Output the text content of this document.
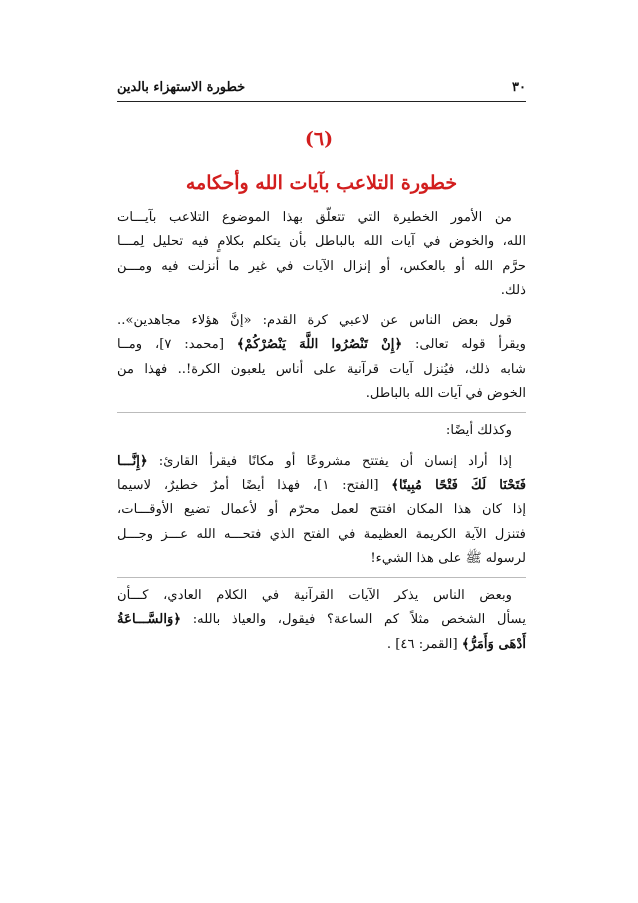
٣٠
خطورة الاستهزاء بالدين
(٦)
خطورة التلاعب بآيات الله وأحكامه
من الأمور الخطيرة التي تتعلّق بهذا الموضوع التلاعب بآيـــات
الله، والخوض في آيات الله بالباطل بأن يتكلم بكلامٍ فيه تحليل لِمـــا
حرَّم الله أو بالعكس، أو إنزال الآيات في غير ما أنزلت فيه ومـــن
ذلك.
قول بعض الناس عن لاعبي كرة القدم: «إنَّ هؤلاء مجاهدين»..
ويقرأ قوله تعالى: ﴿إِنْ تَنْصُرُوا اللَّهَ يَنْصُرْكُمْ﴾ [محمد: ٧]، ومــا
شابه ذلك، فيُنزل آيات قرآنية على أناس يلعبون الكرة!.. فهذا من
الخوض في آيات الله بالباطل.
وكذلك أيضًا:
إذا أراد إنسان أن يفتتح مشروعًا أو مكانًا فيقرأ القارئ: ﴿إِنَّـــا
فَتَحْنَا لَكَ فَتْحًا مُبِينًا﴾ [الفتح: ١]، فهذا أيضًا أمرٌ خطيرٌ، لاسيما
إذا كان هذا المكان افتتح لعمل محرّم أو لأعمال تضيع الأوقـــات،
فتنزل الآية الكريمة العظيمة في الفتح الذي فتحـــه الله عـــز وجـــل
لرسوله ﷺ على هذا الشيء!
وبعض الناس يذكر الآيات القرآنية في الكلام العادي، كـــأن
يسأل الشخص مثلاً كم الساعة؟ فيقول، والعياذ بالله: ﴿وَالسَّـــاعَةُ
أَدْهَى وَأَمَرُّ﴾ [القمر: ٤٦] .
